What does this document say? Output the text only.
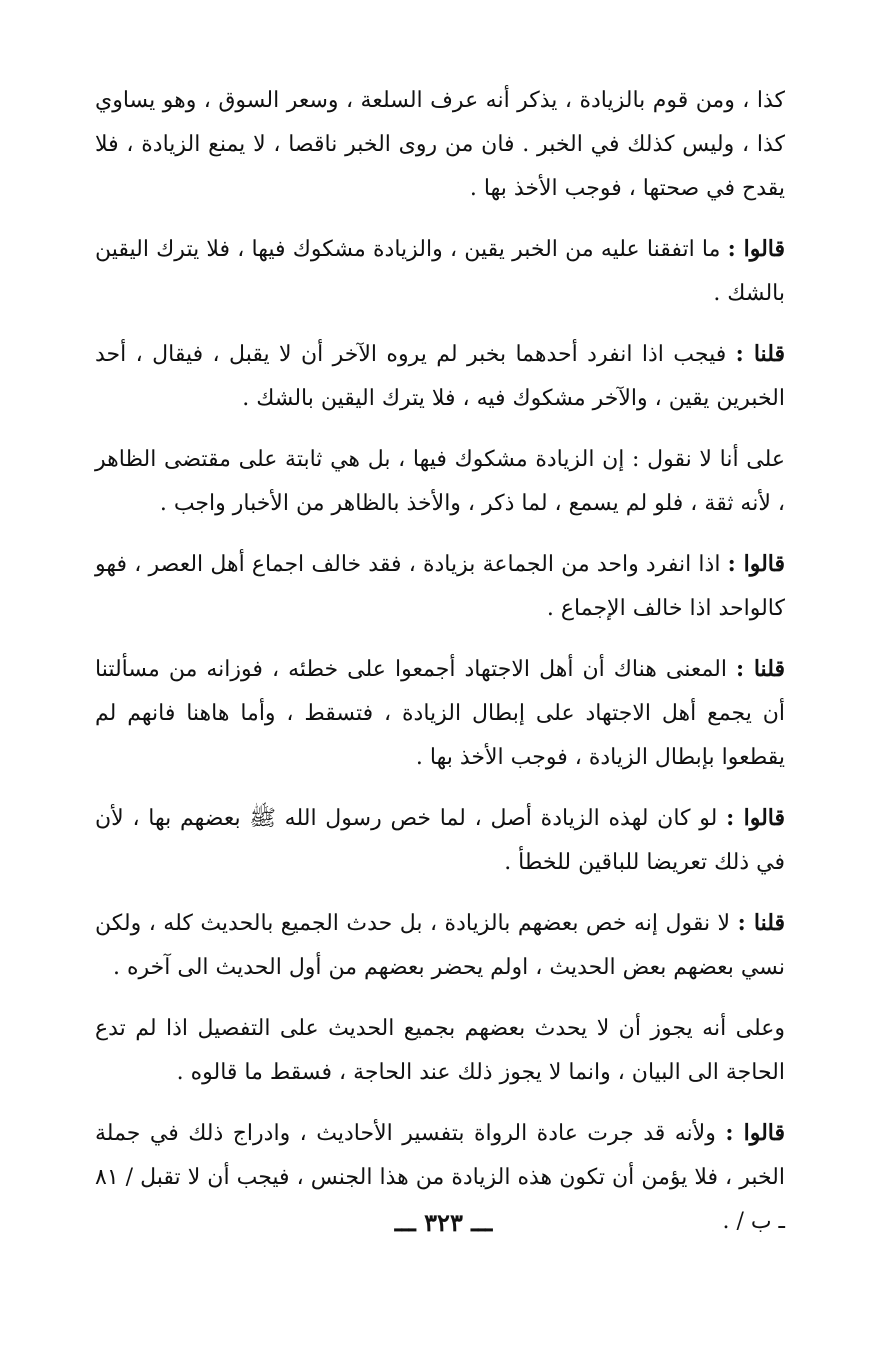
كذا ، ومن قوم بالزيادة ، يذكر أنه عرف السلعة ، وسعر السوق ، وهو يساوي كذا ، وليس كذلك في الخبر . فان من روى الخبر ناقصا ، لا يمنع الزيادة ، فلا يقدح في صحتها ، فوجب الأخذ بها .

قالوا : ما اتفقنا عليه من الخبر يقين ، والزيادة مشكوك فيها ، فلا يترك اليقين بالشك .

قلنا : فيجب اذا انفرد أحدهما بخبر لم يروه الآخر أن لا يقبل ، فيقال ، أحد الخبرين يقين ، والآخر مشكوك فيه ، فلا يترك اليقين بالشك .

على أنا لا نقول : إن الزيادة مشكوك فيها ، بل هي ثابتة على مقتضى الظاهر ، لأنه ثقة ، فلو لم يسمع ، لما ذكر ، والأخذ بالظاهر من الأخبار واجب .

قالوا : اذا انفرد واحد من الجماعة بزيادة ، فقد خالف اجماع أهل العصر ، فهو كالواحد اذا خالف الإجماع .

قلنا : المعنى هناك أن أهل الاجتهاد أجمعوا على خطئه ، فوزانه من مسألتنا أن يجمع أهل الاجتهاد على إبطال الزيادة ، فتسقط ، وأما هاهنا فانهم لم يقطعوا بإبطال الزيادة ، فوجب الأخذ بها .

قالوا : لو كان لهذه الزيادة أصل ، لما خص رسول الله ﷺ بعضهم بها ، لأن في ذلك تعريضا للباقين للخطأ .

قلنا : لا نقول إنه خص بعضهم بالزيادة ، بل حدث الجميع بالحديث كله ، ولكن نسي بعضهم بعض الحديث ، اولم يحضر بعضهم من أول الحديث الى آخره .

وعلى أنه يجوز أن لا يحدث بعضهم بجميع الحديث على التفصيل اذا لم تدع الحاجة الى البيان ، وانما لا يجوز ذلك عند الحاجة ، فسقط ما قالوه .

قالوا : ولأنه قد جرت عادة الرواة بتفسير الأحاديث ، وادراج ذلك في جملة الخبر ، فلا يؤمن أن تكون هذه الزيادة من هذا الجنس ، فيجب أن لا تقبل / ٨١ ـ ب / .

ـــ ٣٢٣ ـــ
